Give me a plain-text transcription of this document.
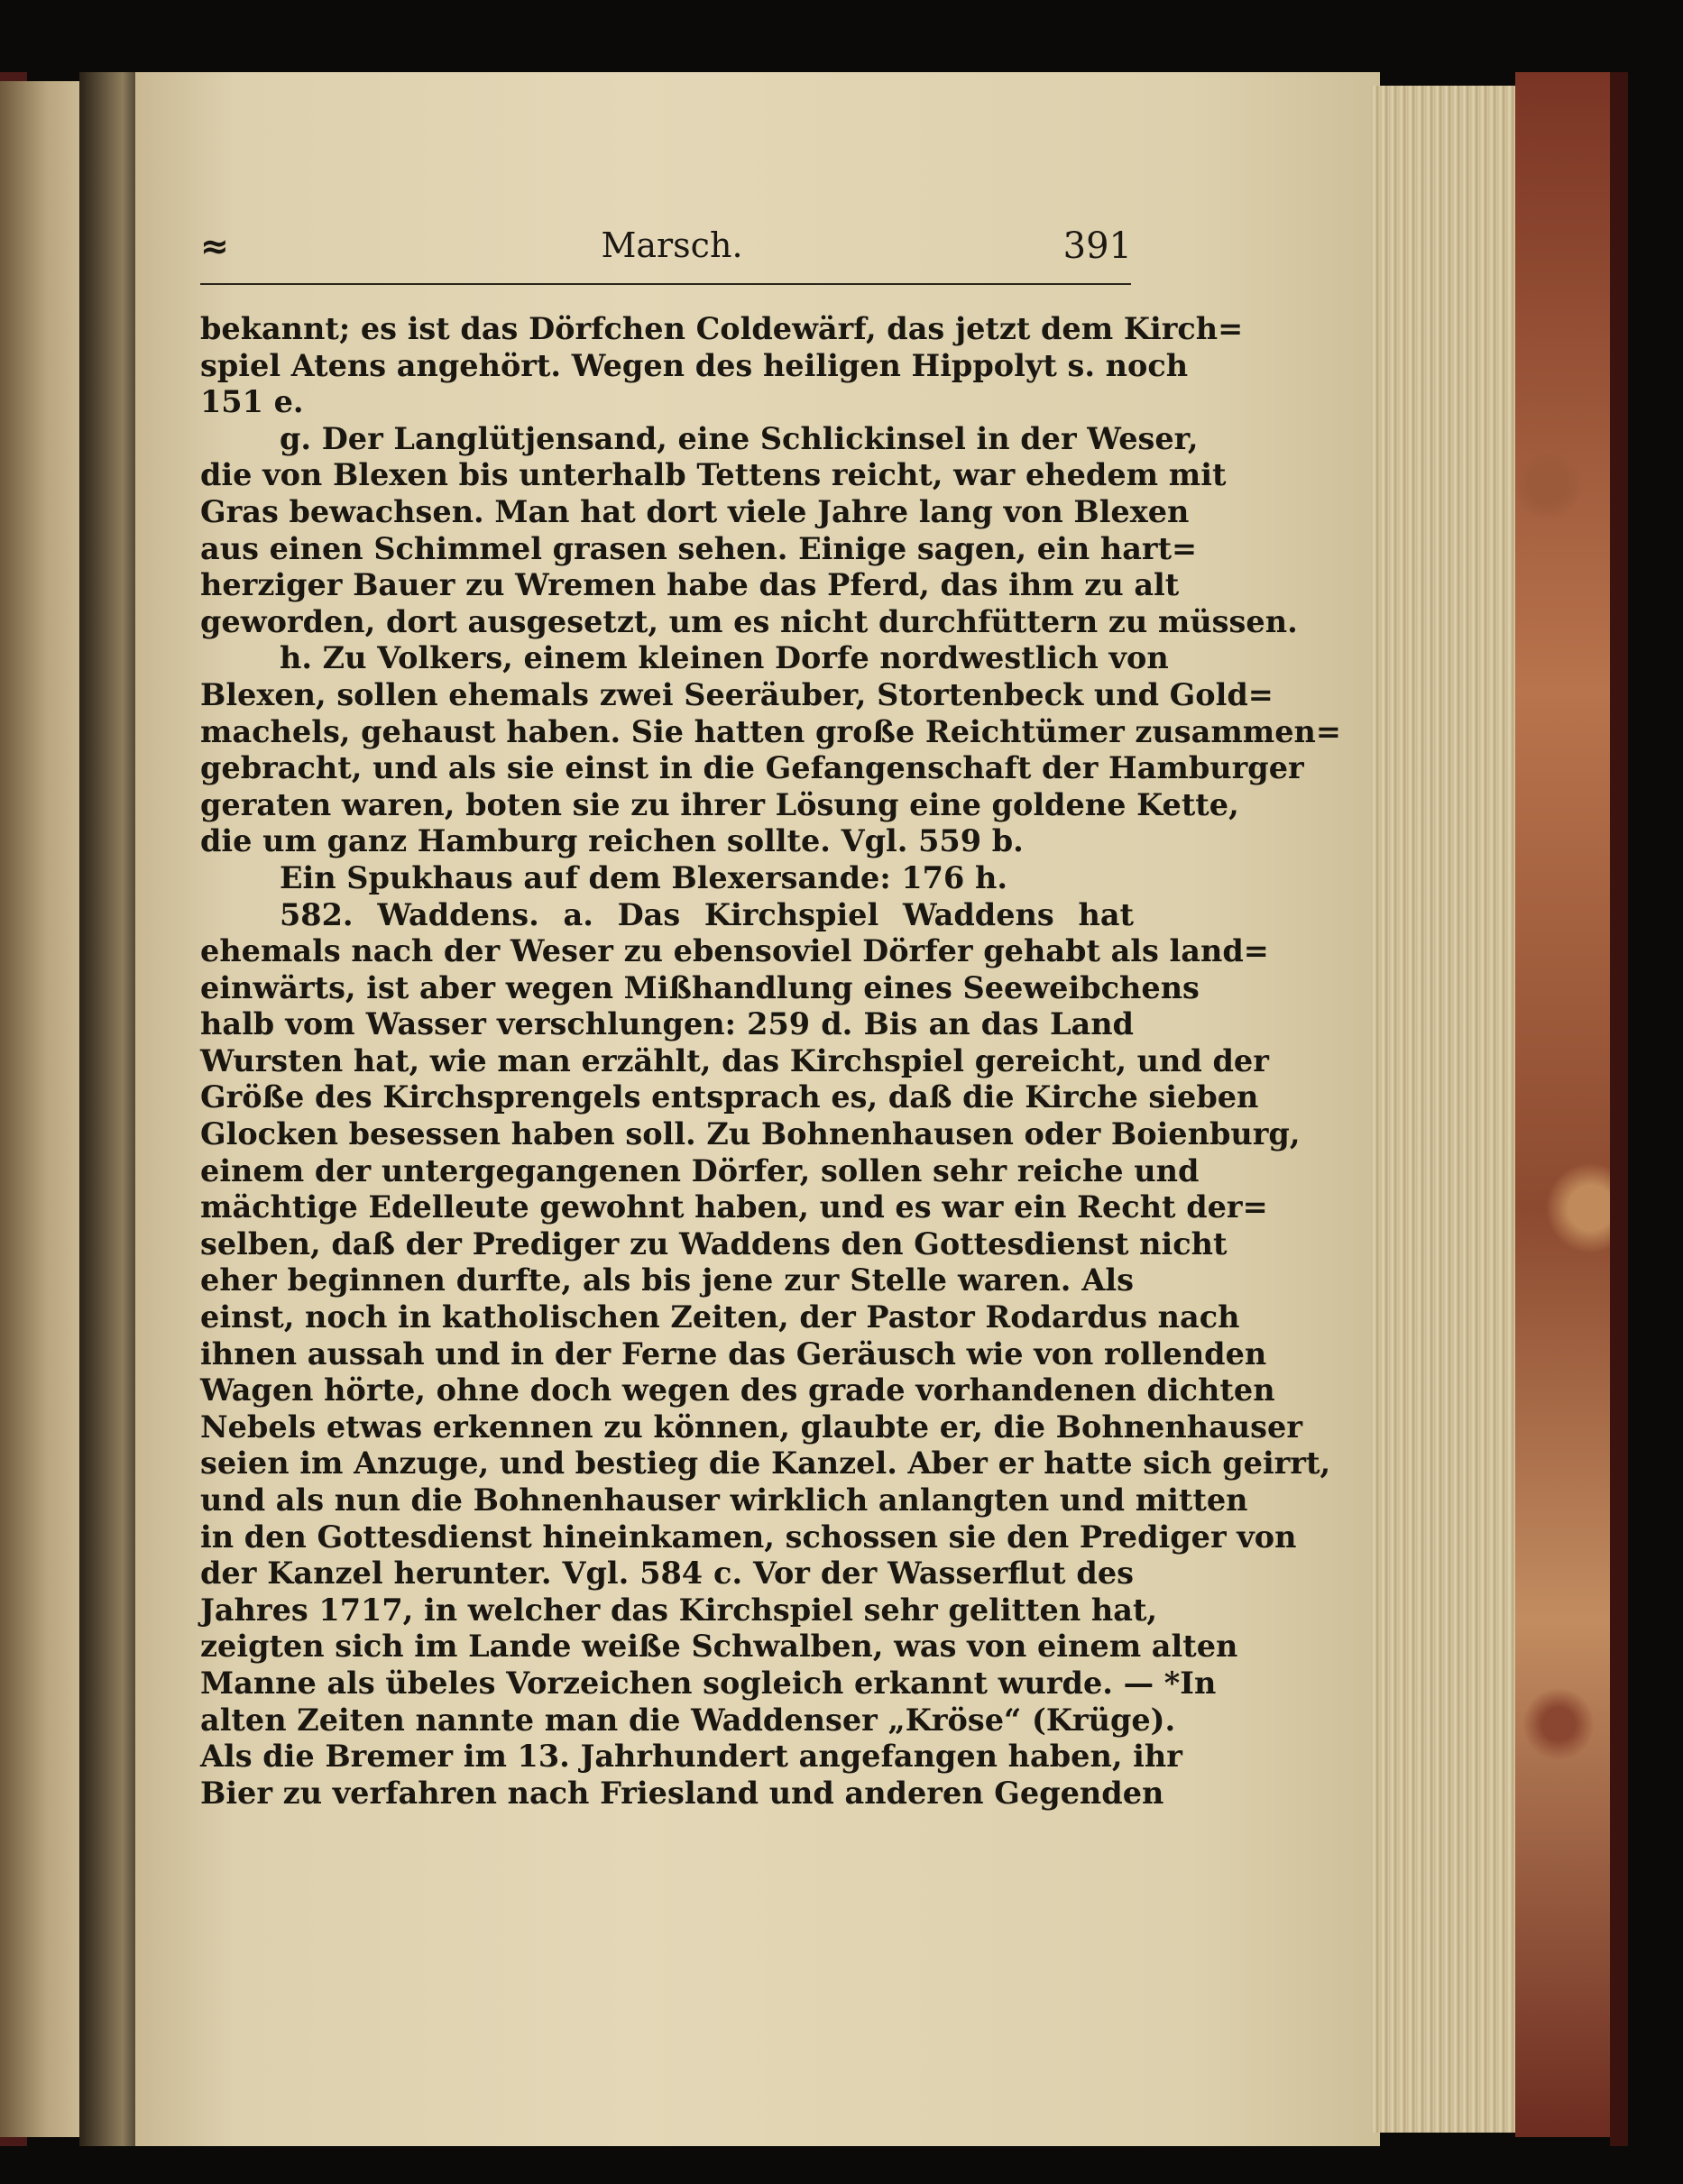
≈	Marsch.	391
bekannt; es ist das Dörfchen Coldewärf, das jetzt dem Kirch=
spiel Atens angehört. Wegen des heiligen Hippolyt s. noch
151 e.
g. Der Langlütjensand, eine Schlickinsel in der Weser,
die von Blexen bis unterhalb Tettens reicht, war ehedem mit
Gras bewachsen. Man hat dort viele Jahre lang von Blexen
aus einen Schimmel grasen sehen. Einige sagen, ein hart=
herziger Bauer zu Wremen habe das Pferd, das ihm zu alt
geworden, dort ausgesetzt, um es nicht durchfüttern zu müssen.
h. Zu Volkers, einem kleinen Dorfe nordwestlich von
Blexen, sollen ehemals zwei Seeräuber, Stortenbeck und Gold=
machels, gehaust haben. Sie hatten große Reichtümer zusammen=
gebracht, und als sie einst in die Gefangenschaft der Hamburger
geraten waren, boten sie zu ihrer Lösung eine goldene Kette,
die um ganz Hamburg reichen sollte. Vgl. 559 b.
Ein Spukhaus auf dem Blexersande: 176 h.
582. Waddens. a. Das Kirchspiel Waddens hat
ehemals nach der Weser zu ebensoviel Dörfer gehabt als land=
einwärts, ist aber wegen Mißhandlung eines Seeweibchens
halb vom Wasser verschlungen: 259 d. Bis an das Land
Wursten hat, wie man erzählt, das Kirchspiel gereicht, und der
Größe des Kirchsprengels entsprach es, daß die Kirche sieben
Glocken besessen haben soll. Zu Bohnenhausen oder Boienburg,
einem der untergegangenen Dörfer, sollen sehr reiche und
mächtige Edelleute gewohnt haben, und es war ein Recht der=
selben, daß der Prediger zu Waddens den Gottesdienst nicht
eher beginnen durfte, als bis jene zur Stelle waren. Als
einst, noch in katholischen Zeiten, der Pastor Rodardus nach
ihnen aussah und in der Ferne das Geräusch wie von rollenden
Wagen hörte, ohne doch wegen des grade vorhandenen dichten
Nebels etwas erkennen zu können, glaubte er, die Bohnenhauser
seien im Anzuge, und bestieg die Kanzel. Aber er hatte sich geirrt,
und als nun die Bohnenhauser wirklich anlangten und mitten
in den Gottesdienst hineinkamen, schossen sie den Prediger von
der Kanzel herunter. Vgl. 584 c. Vor der Wasserflut des
Jahres 1717, in welcher das Kirchspiel sehr gelitten hat,
zeigten sich im Lande weiße Schwalben, was von einem alten
Manne als übeles Vorzeichen sogleich erkannt wurde. — *In
alten Zeiten nannte man die Waddenser „Kröse“ (Krüge).
Als die Bremer im 13. Jahrhundert angefangen haben, ihr
Bier zu verfahren nach Friesland und anderen Gegenden
